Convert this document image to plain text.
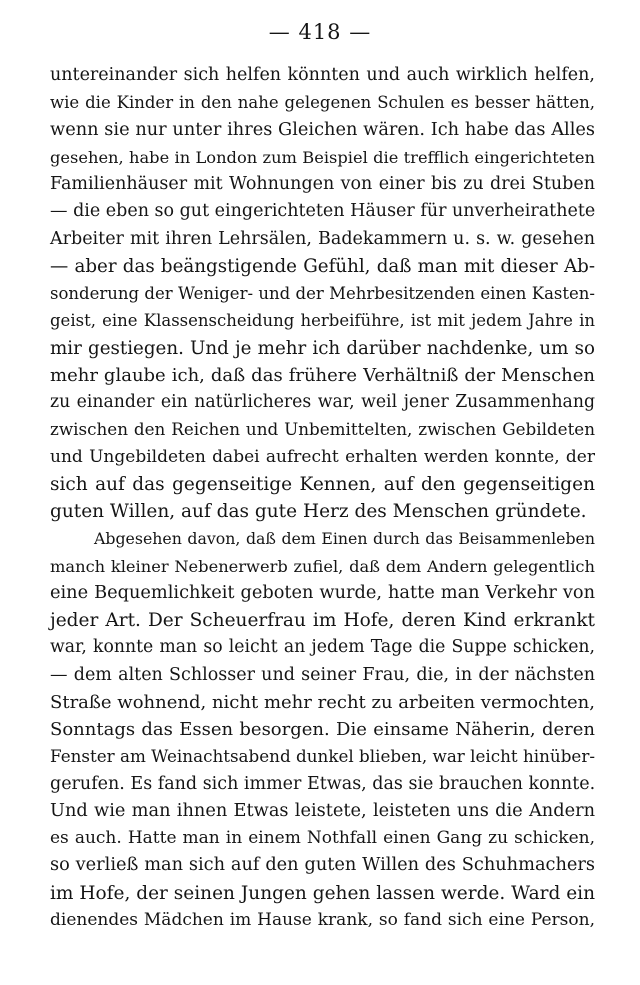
— 418 —
untereinander sich helfen könnten und auch wirklich helfen,
wie die Kinder in den nahe gelegenen Schulen es besser hätten,
wenn sie nur unter ihres Gleichen wären. Ich habe das Alles
gesehen, habe in London zum Beispiel die trefflich eingerichteten
Familienhäuser mit Wohnungen von einer bis zu drei Stuben
— die eben so gut eingerichteten Häuser für unverheirathete
Arbeiter mit ihren Lehrsälen, Badekammern u. s. w. gesehen
— aber das beängstigende Gefühl, daß man mit dieser Ab-
sonderung der Weniger- und der Mehrbesitzenden einen Kasten-
geist, eine Klassenscheidung herbeiführe, ist mit jedem Jahre in
mir gestiegen. Und je mehr ich darüber nachdenke, um so
mehr glaube ich, daß das frühere Verhältniß der Menschen
zu einander ein natürlicheres war, weil jener Zusammenhang
zwischen den Reichen und Unbemittelten, zwischen Gebildeten
und Ungebildeten dabei aufrecht erhalten werden konnte, der
sich auf das gegenseitige Kennen, auf den gegenseitigen
guten Willen, auf das gute Herz des Menschen gründete.
Abgesehen davon, daß dem Einen durch das Beisammenleben
manch kleiner Nebenerwerb zufiel, daß dem Andern gelegentlich
eine Bequemlichkeit geboten wurde, hatte man Verkehr von
jeder Art. Der Scheuerfrau im Hofe, deren Kind erkrankt
war, konnte man so leicht an jedem Tage die Suppe schicken,
— dem alten Schlosser und seiner Frau, die, in der nächsten
Straße wohnend, nicht mehr recht zu arbeiten vermochten,
Sonntags das Essen besorgen. Die einsame Näherin, deren
Fenster am Weinachtsabend dunkel blieben, war leicht hinüber-
gerufen. Es fand sich immer Etwas, das sie brauchen konnte.
Und wie man ihnen Etwas leistete, leisteten uns die Andern
es auch. Hatte man in einem Nothfall einen Gang zu schicken,
so verließ man sich auf den guten Willen des Schuhmachers
im Hofe, der seinen Jungen gehen lassen werde. Ward ein
dienendes Mädchen im Hause krank, so fand sich eine Person,
